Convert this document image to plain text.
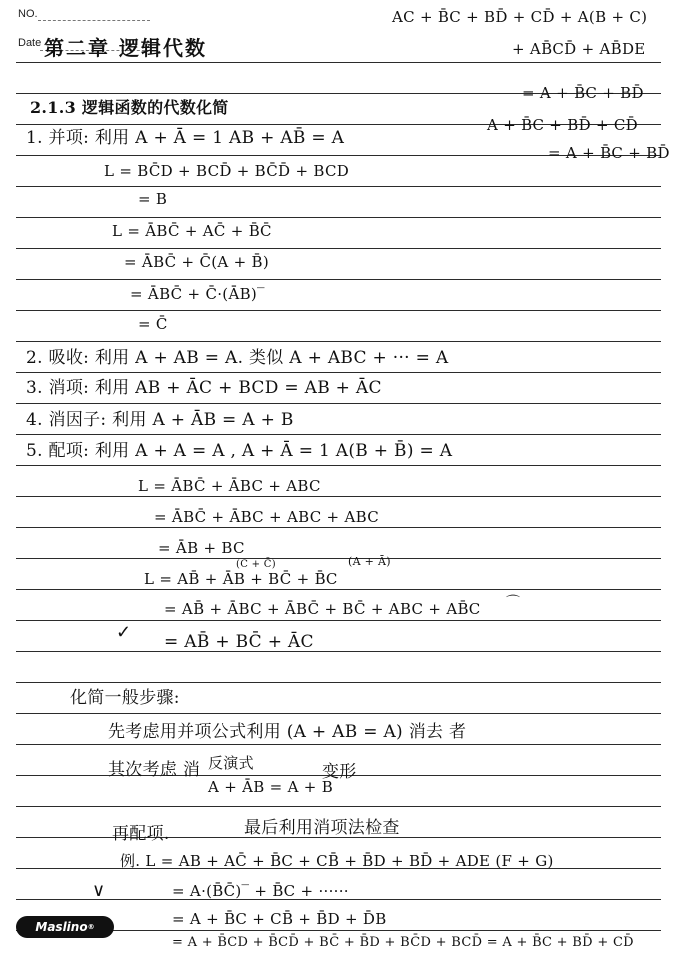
NO.
Date
AC + B̄C + BD̄ + CD̄ + A(B + C)
+ AB̄CD̄ + AB̄DE
= A + B̄C + BD̄
A + B̄C + BD̄ + CD̄
= A + B̄C + BD̄
第二章 逻辑代数
2.1.3 逻辑函数的代数化简
1. 并项: 利用 A + Ā = 1 AB + AB̄ = A
L = BC̄D + BCD̄ + BC̄D̄ + BCD
= B
L = ĀBC̄ + AC̄ + B̄C̄
= ĀBC̄ + C̄(A + B̄)
= ĀBC̄ + C̄·(ĀB)‾
= C̄
2. 吸收: 利用 A + AB = A. 类似 A + ABC + ··· = A
3. 消项: 利用 AB + ĀC + BCD = AB + ĀC
4. 消因子: 利用 A + ĀB = A + B
5. 配项: 利用 A + A = A , A + Ā = 1 A(B + B̄) = A
L = ĀBC̄ + ĀBC + ABC
= ĀBC̄ + ĀBC + ABC + ABC
= ĀB + BC
(C + C̄)
L = AB̄ + ĀB + BC̄ + B̄C
(A + Ā)
= AB̄ + ĀBC + ĀBC̄ + BC̄ + ABC + AB̄C
= AB̄ + BC̄ + ĀC
✓
⌒
化简一般步骤:
先考虑用并项公式利用 (A + AB = A) 消去 者
其次考虑 消 反演式	变形
A + ĀB = A + B
再配项.	最后利用消项法检查
例. L = AB + AC̄ + B̄C + CB̄ + B̄D + BD̄ + ADE (F + G)
∨	= A·(B̄C̄)‾ + B̄C + ······
= A + B̄C + CB̄ + B̄D + D̄B
= A + B̄CD + B̄CD̄ + BC̄ + B̄D + BC̄D + BCD̄ = A + B̄C + BD̄ + CD̄
Maslino ®
